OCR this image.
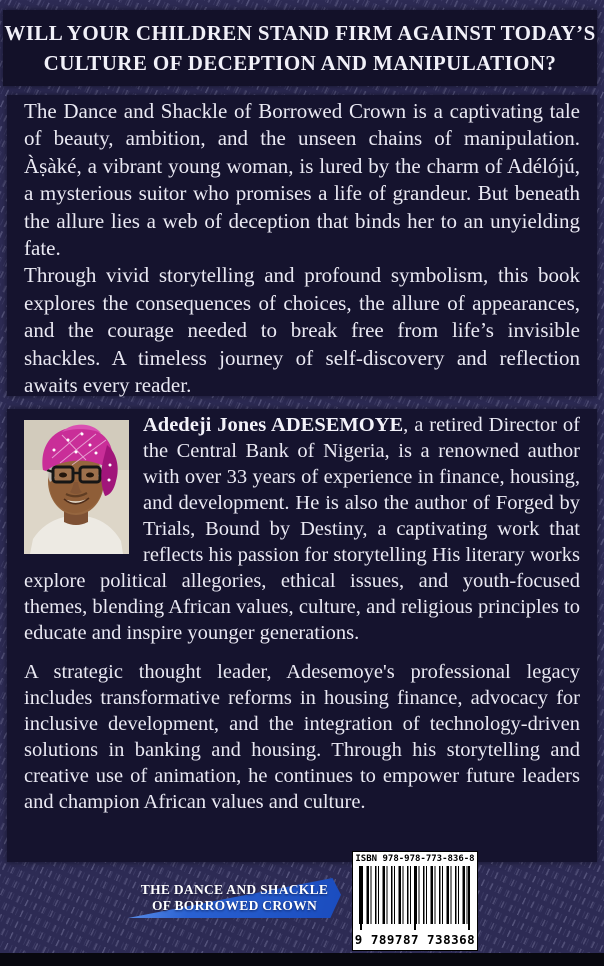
WILL YOUR CHILDREN STAND FIRM AGAINST TODAY’S
CULTURE OF DECEPTION AND MANIPULATION?

The Dance and Shackle of Borrowed Crown is a captivating tale of beauty, ambition, and the unseen chains of manipulation. Àṣàké, a vibrant young woman, is lured by the charm of Adélójú, a mysterious suitor who promises a life of grandeur. But beneath the allure lies a web of deception that binds her to an unyielding fate.

Through vivid storytelling and profound symbolism, this book explores the consequences of choices, the allure of appearances, and the courage needed to break free from life’s invisible shackles. A timeless journey of self-discovery and reflection awaits every reader.

Adedeji Jones ADESEMOYE, a retired Director of the Central Bank of Nigeria, is a renowned author with over 33 years of experience in finance, housing, and development. He is also the author of Forged by Trials, Bound by Destiny, a captivating work that reflects his passion for storytelling His literary works explore political allegories, ethical issues, and youth-focused themes, blending African values, culture, and religious principles to educate and inspire younger generations.

A strategic thought leader, Adesemoye's professional legacy includes transformative reforms in housing finance, advocacy for inclusive development, and the integration of technology-driven solutions in banking and housing. Through his storytelling and creative use of animation, he continues to empower future leaders and champion African values and culture.

ISBN 978-978-773-836-8
9 789787 738368
THE DANCE AND SHACKLE
OF BORROWED CROWN
